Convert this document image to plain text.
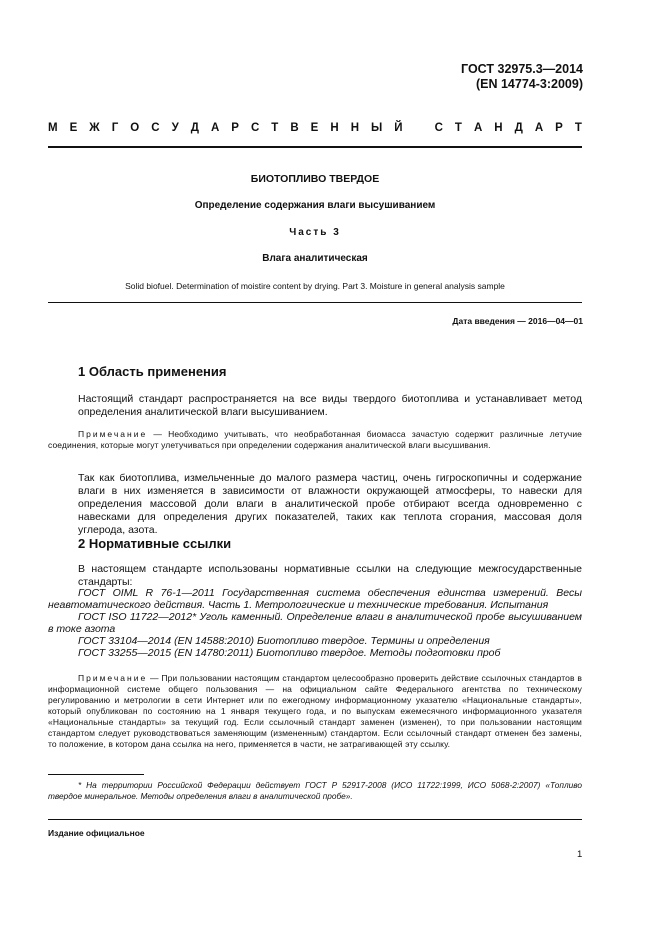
ГОСТ 32975.3—2014
(EN 14774-3:2009)
М Е Ж Г О С У Д А Р С Т В Е Н Н Ы Й	С Т А Н Д А Р Т
БИОТОПЛИВО ТВЕРДОЕ
Определение содержания влаги высушиванием
Часть 3
Влага аналитическая
Solid biofuel. Determination of moistire content by drying. Part 3. Moisture in general analysis sample
Дата введения — 2016—04—01
1 Область применения
Настоящий стандарт распространяется на все виды твердого биотоплива и устанавливает метод определения аналитической влаги высушиванием.
Примечание — Необходимо учитывать, что необработанная биомасса зачастую содержит различные летучие соединения, которые могут улетучиваться при определении содержания аналитической влаги высушивания.
Так как биотоплива, измельченные до малого размера частиц, очень гигроскопичны и содержание влаги в них изменяется в зависимости от влажности окружающей атмосферы, то навески для определения массовой доли влаги в аналитической пробе отбирают всегда одновременно с навесками для определения других показателей, таких как теплота сгорания, массовая доля углерода, азота.
2 Нормативные ссылки
В настоящем стандарте использованы нормативные ссылки на следующие межгосударственные стандарты:
ГОСТ OIML R 76-1—2011 Государственная система обеспечения единства измерений. Весы неавтоматического действия. Часть 1. Метрологические и технические требования. Испытания
ГОСТ ISO 11722—2012* Уголь каменный. Определение влаги в аналитической пробе высушиванием в токе азота
ГОСТ 33104—2014 (EN 14588:2010) Биотопливо твердое. Термины и определения
ГОСТ 33255—2015 (EN 14780:2011) Биотопливо твердое. Методы подготовки проб
Примечание — При пользовании настоящим стандартом целесообразно проверить действие ссылочных стандартов в информационной системе общего пользования — на официальном сайте Федерального агентства по техническому регулированию и метрологии в сети Интернет или по ежегодному информационному указателю «Национальные стандарты», который опубликован по состоянию на 1 января текущего года, и по выпускам ежемесячного информационного указателя «Национальные стандарты» за текущий год. Если ссылочный стандарт заменен (изменен), то при пользовании настоящим стандартом следует руководствоваться заменяющим (измененным) стандартом. Если ссылочный стандарт отменен без замены, то положение, в котором дана ссылка на него, применяется в части, не затрагивающей эту ссылку.
* На территории Российской Федерации действует ГОСТ Р 52917-2008 (ИСО 11722:1999, ИСО 5068-2:2007) «Топливо твердое минеральное. Методы определения влаги в аналитической пробе».
Издание официальное
1
